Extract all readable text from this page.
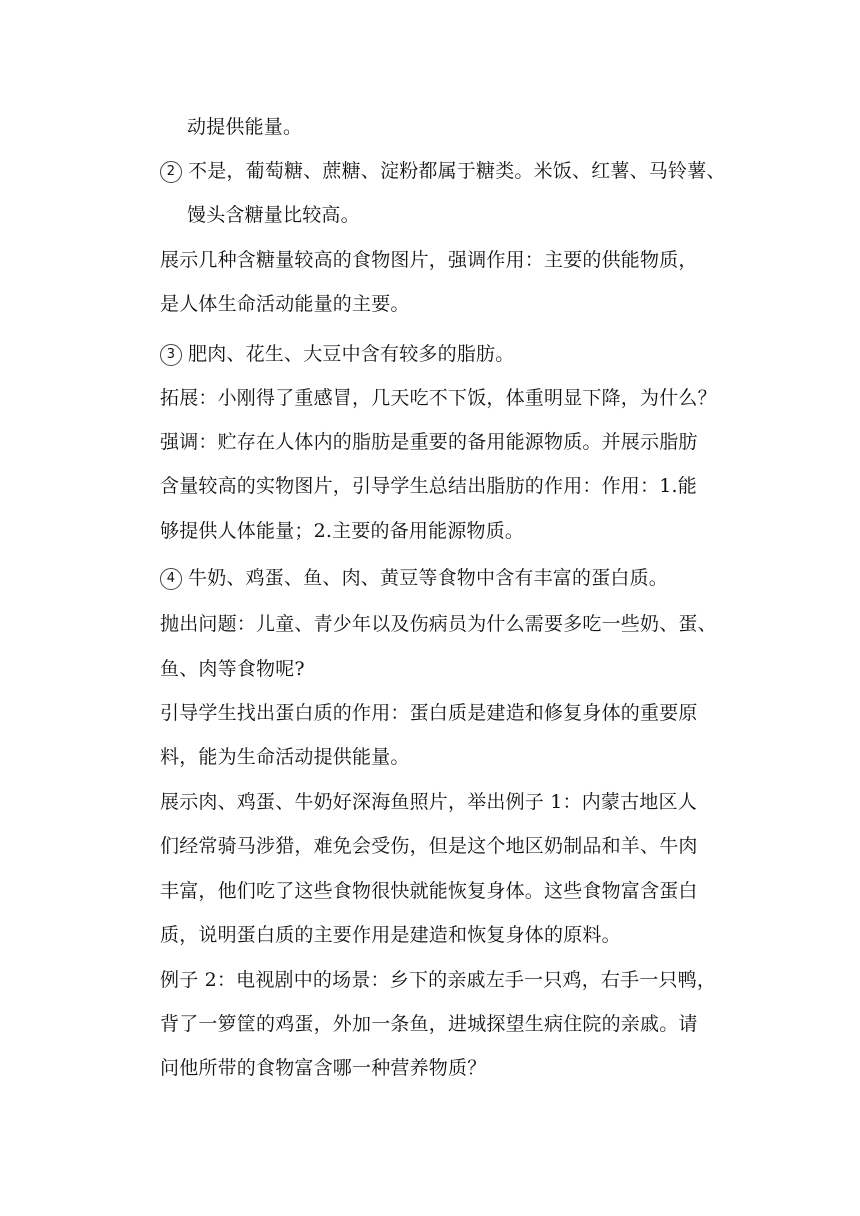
动提供能量。
2 不是，葡萄糖、蔗糖、淀粉都属于糖类。米饭、红薯、马铃薯、
馒头含糖量比较高。
展示几种含糖量较高的食物图片，强调作用：主要的供能物质，
是人体生命活动能量的主要。
3 肥肉、花生、大豆中含有较多的脂肪。
拓展：小刚得了重感冒，几天吃不下饭，体重明显下降，为什么？
强调：贮存在人体内的脂肪是重要的备用能源物质。并展示脂肪
含量较高的实物图片，引导学生总结出脂肪的作用：作用：1.能
够提供人体能量；2.主要的备用能源物质。
4 牛奶、鸡蛋、鱼、肉、黄豆等食物中含有丰富的蛋白质。
抛出问题：儿童、青少年以及伤病员为什么需要多吃一些奶、蛋、
鱼、肉等食物呢?
引导学生找出蛋白质的作用：蛋白质是建造和修复身体的重要原
料，能为生命活动提供能量。
展示肉、鸡蛋、牛奶好深海鱼照片，举出例子 1：内蒙古地区人
们经常骑马涉猎，难免会受伤，但是这个地区奶制品和羊、牛肉
丰富，他们吃了这些食物很快就能恢复身体。这些食物富含蛋白
质，说明蛋白质的主要作用是建造和恢复身体的原料。
例子 2：电视剧中的场景：乡下的亲戚左手一只鸡，右手一只鸭，
背了一箩筐的鸡蛋，外加一条鱼，进城探望生病住院的亲戚。请
问他所带的食物富含哪一种营养物质？
